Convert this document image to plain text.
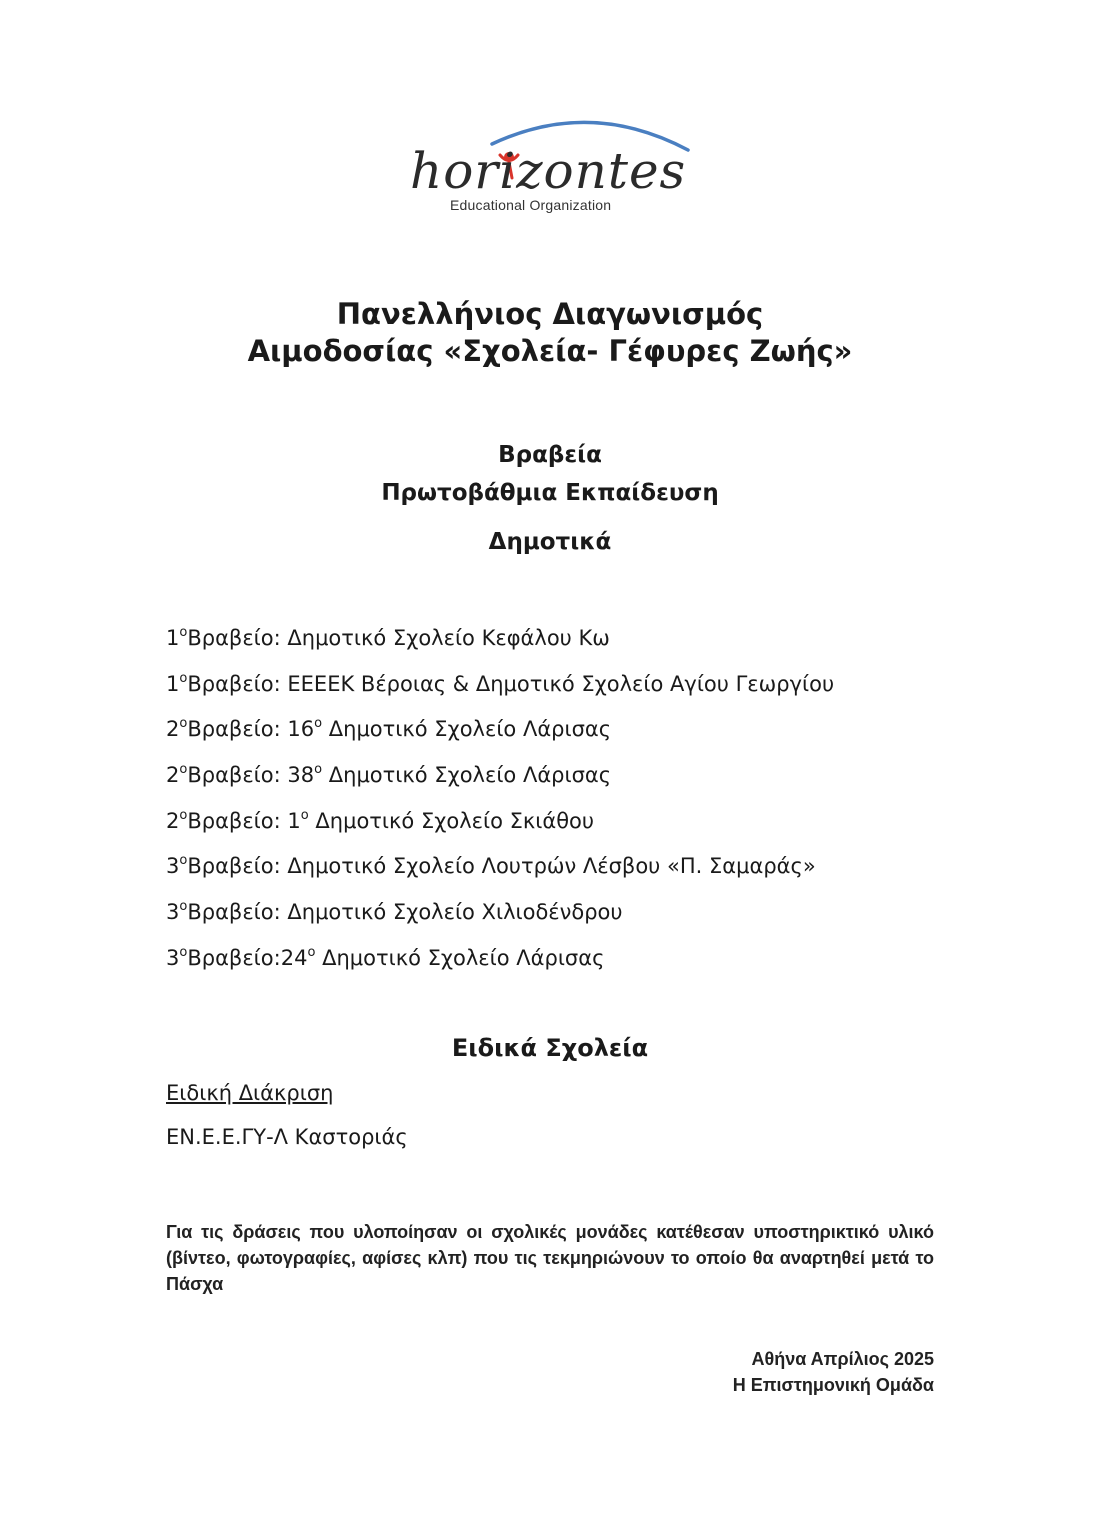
horizontes
Educational Organization
Πανελλήνιος Διαγωνισμός
Αιμοδοσίας «Σχολεία- Γέφυρες Ζωής»
Βραβεία
Πρωτοβάθμια Εκπαίδευση
Δημοτικά
$1^oB\rho\alpha\beta\varepsilon ίo$: Δημοτικό Σχολείο Κεφάλου Κω
$1^oB\rho\alpha\beta\varepsilon ίo$: ΕΕΕΕΚ Βέροιας & Δημοτικό Σχολείο Αγίου Γεωργίου
$2^oB\rho\alpha\beta\varepsilon ίo$: $16^o$ Δημοτικό Σχολείο Λάρισας
$2^oB\rho\alpha\beta\varepsilon ίo$: $38^o$ Δημοτικό Σχολείο Λάρισας
$2^oB\rho\alpha\beta\varepsilon ίo$: $1^o$ Δημοτικό Σχολείο Σκιάθου
$3^oB\rho\alpha\beta\varepsilon ίo$: Δημοτικό Σχολείο Λουτρών Λέσβου «Π. Σαμαράς»
$3^oB\rho\alpha\beta\varepsilon ίo$: Δημοτικό Σχολείο Χιλιοδένδρου
$3^oB\rho\alpha\beta\varepsilon ίo:24^o$ Δημοτικό Σχολείο Λάρισας
Ειδικά Σχολεία
Ειδική Διάκριση
ΕΝ.Ε.Ε.ΓΥ-Λ Καστοριάς
Για τις δράσεις που υλοποίησαν οι σχολικές μονάδες κατέθεσαν υποστηρικτικό υλικό (βίντεο, φωτογραφίες, αφίσες κλπ) που τις τεκμηριώνουν το οποίο θα αναρτηθεί μετά το Πάσχα
Αθήνα Απρίλιος 2025
Η Επιστημονική Ομάδα
